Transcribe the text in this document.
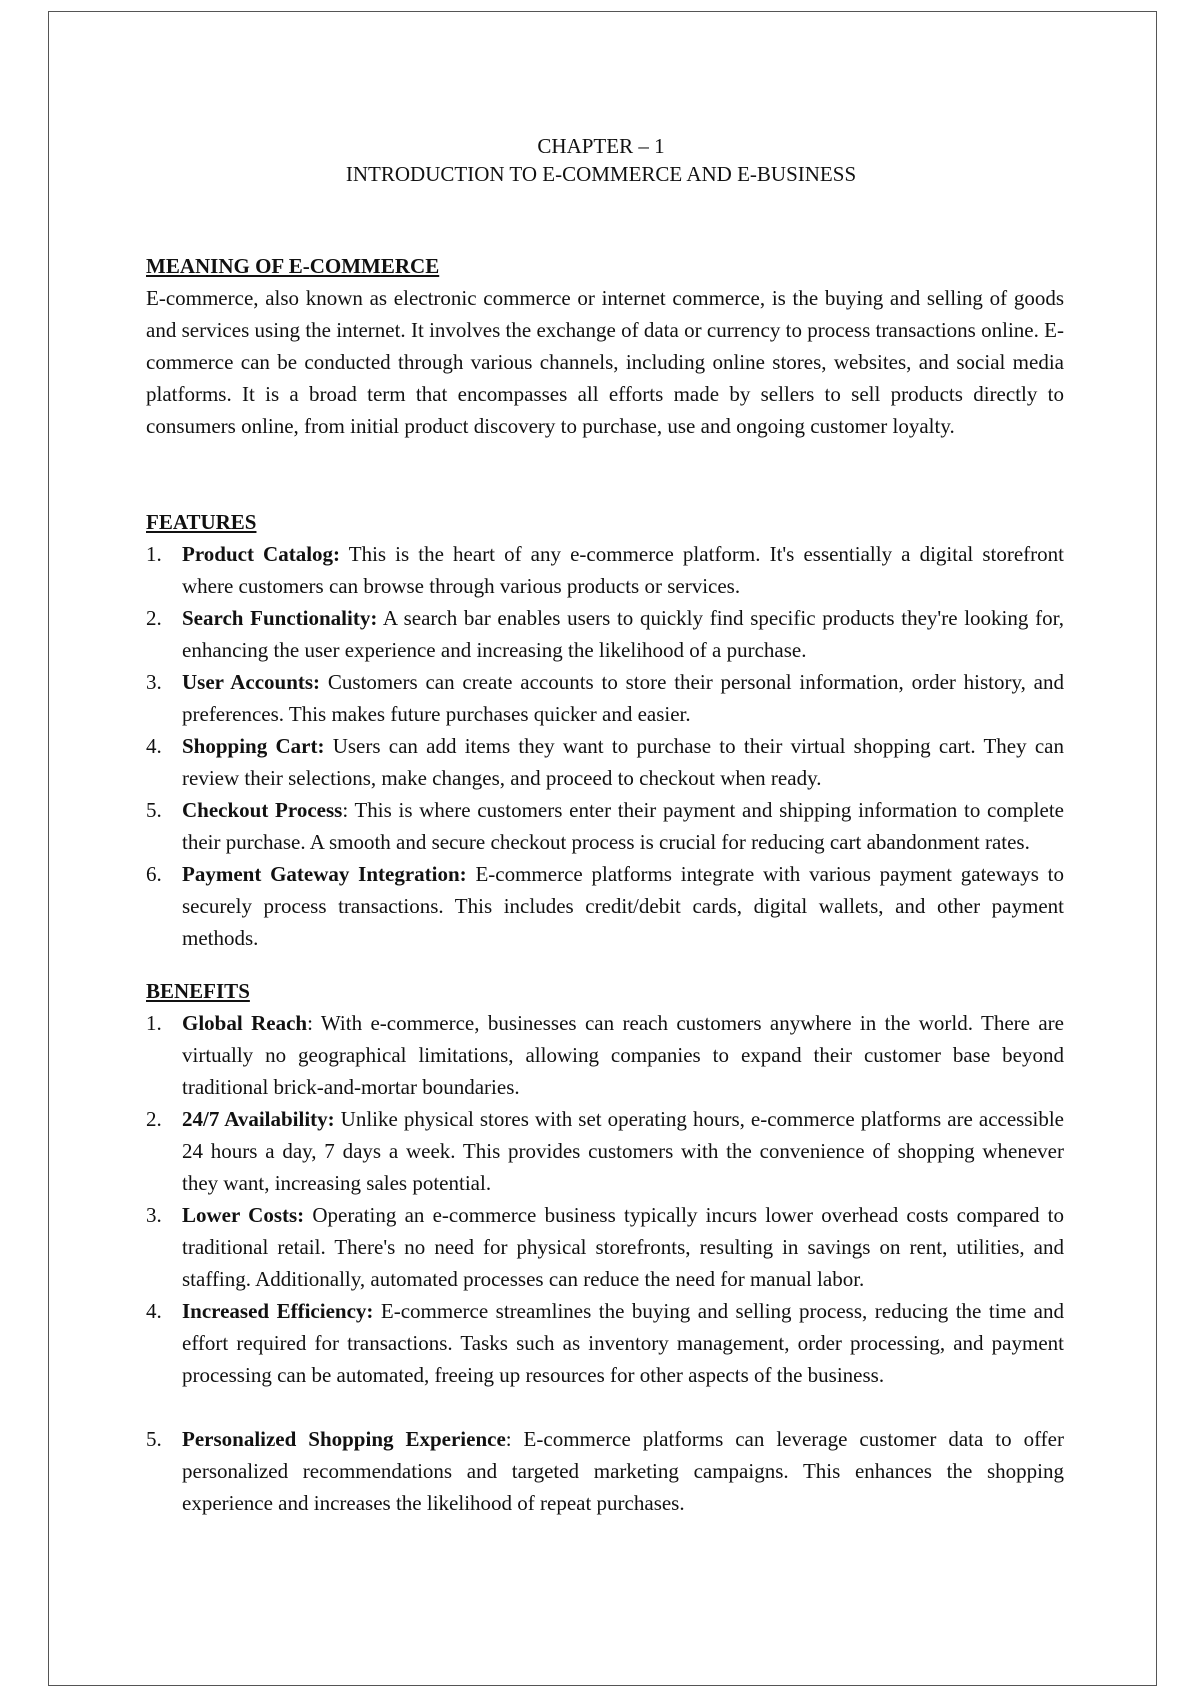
CHAPTER – 1
INTRODUCTION TO E-COMMERCE AND E-BUSINESS
MEANING OF E-COMMERCE

E-commerce, also known as electronic commerce or internet commerce, is the buying and selling of goods and services using the internet. It involves the exchange of data or currency to process transactions online. E-commerce can be conducted through various channels, including online stores, websites, and social media platforms. It is a broad term that encompasses all efforts made by sellers to sell products directly to consumers online, from initial product discovery to purchase, use and ongoing customer loyalty.

FEATURES
1. Product Catalog: This is the heart of any e-commerce platform. It's essentially a digital storefront where customers can browse through various products or services.
2. Search Functionality: A search bar enables users to quickly find specific products they're looking for, enhancing the user experience and increasing the likelihood of a purchase.
3. User Accounts: Customers can create accounts to store their personal information, order history, and preferences. This makes future purchases quicker and easier.
4. Shopping Cart: Users can add items they want to purchase to their virtual shopping cart. They can review their selections, make changes, and proceed to checkout when ready.
5. Checkout Process: This is where customers enter their payment and shipping information to complete their purchase. A smooth and secure checkout process is crucial for reducing cart abandonment rates.
6. Payment Gateway Integration: E-commerce platforms integrate with various payment gateways to securely process transactions. This includes credit/debit cards, digital wallets, and other payment methods.
BENEFITS
1. Global Reach: With e-commerce, businesses can reach customers anywhere in the world. There are virtually no geographical limitations, allowing companies to expand their customer base beyond traditional brick-and-mortar boundaries.
2. 24/7 Availability: Unlike physical stores with set operating hours, e-commerce platforms are accessible 24 hours a day, 7 days a week. This provides customers with the convenience of shopping whenever they want, increasing sales potential.
3. Lower Costs: Operating an e-commerce business typically incurs lower overhead costs compared to traditional retail. There's no need for physical storefronts, resulting in savings on rent, utilities, and staffing. Additionally, automated processes can reduce the need for manual labor.
4. Increased Efficiency: E-commerce streamlines the buying and selling process, reducing the time and effort required for transactions. Tasks such as inventory management, order processing, and payment processing can be automated, freeing up resources for other aspects of the business.
5. Personalized Shopping Experience: E-commerce platforms can leverage customer data to offer personalized recommendations and targeted marketing campaigns. This enhances the shopping experience and increases the likelihood of repeat purchases.
